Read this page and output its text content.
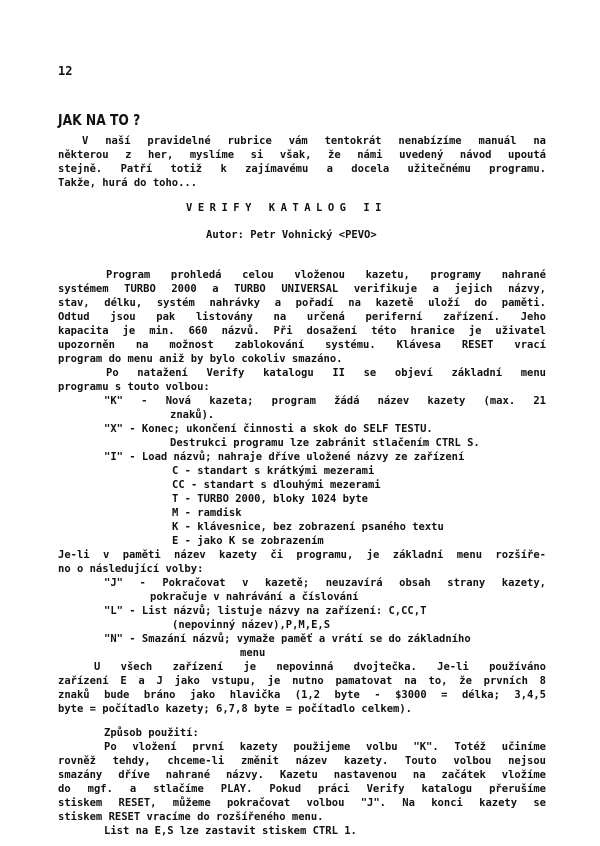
12
JAK NA TO ?
V naší pravidelné rubrice vám tentokrát nenabízíme manuál na
některou z her, myslíme si však, že námi uvedený návod upoutá
stejně. Patří totiž k zajímavému a docela užitečnému programu.
Takže, hurá do toho...
VERIFY KATALOG II
Autor: Petr Vohnický <PEVO>
Program prohledá celou vloženou kazetu, programy nahrané
systémem TURBO 2000 a TURBO UNIVERSAL verifikuje a jejich názvy,
stav, délku, systém nahrávky a pořadí na kazetě uloží do paměti.
Odtud jsou pak listovány na určená periferní zařízení. Jeho
kapacita je min. 660 názvů. Při dosažení této hranice je uživatel
upozorněn na možnost zablokování systému. Klávesa RESET vrací
program do menu aniž by bylo cokoliv smazáno.
Po natažení Verify katalogu II se objeví základní menu
programu s touto volbou:
"K" - Nová kazeta; program žádá název kazety (max. 21
znaků).
"X" - Konec; ukončení činnosti a skok do SELF TESTU.
Destrukci programu lze zabránit stlačením CTRL S.
"I" - Load názvů; nahraje dříve uložené názvy ze zařízení
C - standart s krátkými mezerami
CC - standart s dlouhými mezerami
T - TURBO 2000, bloky 1024 byte
M - ramdisk
K - klávesnice, bez zobrazení psaného textu
E - jako K se zobrazením
Je-li v paměti název kazety či programu, je základní menu rozšíře-
no o následující volby:
"J" - Pokračovat v kazetě; neuzavírá obsah strany kazety,
pokračuje v nahrávání a číslování
"L" - List názvů; listuje názvy na zařízení: C,CC,T
(nepovinný název),P,M,E,S
"N" - Smazání názvů; vymaže paměť a vrátí se do základního
menu
U všech zařízení je nepovinná dvojtečka. Je-li používáno
zařízení E a J jako vstupu, je nutno pamatovat na to, že prvních 8
znaků bude bráno jako hlavička (1,2 byte - $3000 = délka; 3,4,5
byte = počítadlo kazety; 6,7,8 byte = počítadlo celkem).
Způsob použití:
Po vložení první kazety použijeme volbu "K". Totéž učiníme
rovněž tehdy, chceme-li změnit název kazety. Touto volbou nejsou
smazány dříve nahrané názvy. Kazetu nastavenou na začátek vložíme
do mgf. a stlačíme PLAY. Pokud práci Verify katalogu přerušíme
stiskem RESET, můžeme pokračovat volbou "J". Na konci kazety se
stiskem RESET vracíme do rozšířeného menu.
List na E,S lze zastavit stiskem CTRL 1.
